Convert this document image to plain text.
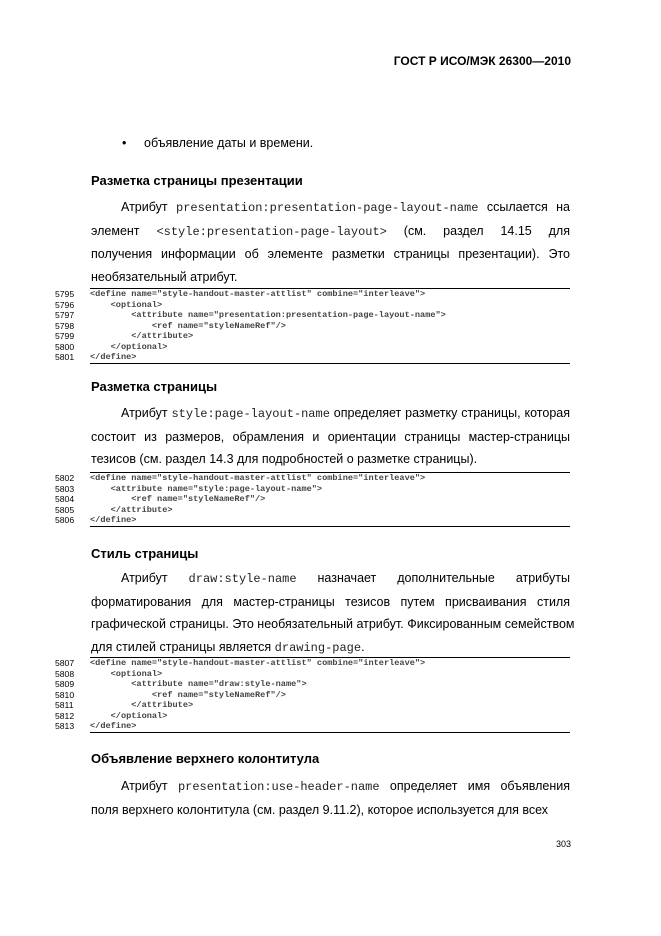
ГОСТ Р ИСО/МЭК 26300—2010
• объявление даты и времени.
Разметка страницы презентации
Атрибут presentation:presentation-page-layout-name ссылается на
элемент <style:presentation-page-layout> (см. раздел 14.15 для
получения информации об элементе разметки страницы презентации). Это
необязательный атрибут.
5795	<define name="style-handout-master-attlist" combine="interleave">
5796	<optional>
5797	<attribute name="presentation:presentation-page-layout-name">
5798	<ref name="styleNameRef"/>
5799	</attribute>
5800	</optional>
5801	</define>
Разметка страницы
Атрибут style:page-layout-name определяет разметку страницы, которая
состоит из размеров, обрамления и ориентации страницы мастер-страницы
тезисов (см. раздел 14.3 для подробностей о разметке страницы).
5802	<define name="style-handout-master-attlist" combine="interleave">
5803	<attribute name="style:page-layout-name">
5804	<ref name="styleNameRef"/>
5805	</attribute>
5806	</define>
Стиль страницы
Атрибут draw:style-name назначает дополнительные атрибуты
форматирования для мастер-страницы тезисов путем присваивания стиля
графической страницы. Это необязательный атрибут. Фиксированным семейством
для стилей страницы является drawing-page.
5807	<define name="style-handout-master-attlist" combine="interleave">
5808	<optional>
5809	<attribute name="draw:style-name">
5810	<ref name="styleNameRef"/>
5811	</attribute>
5812	</optional>
5813	</define>
Объявление верхнего колонтитула
Атрибут presentation:use-header-name определяет имя объявления
поля верхнего колонтитула (см. раздел 9.11.2), которое используется для всех
303
